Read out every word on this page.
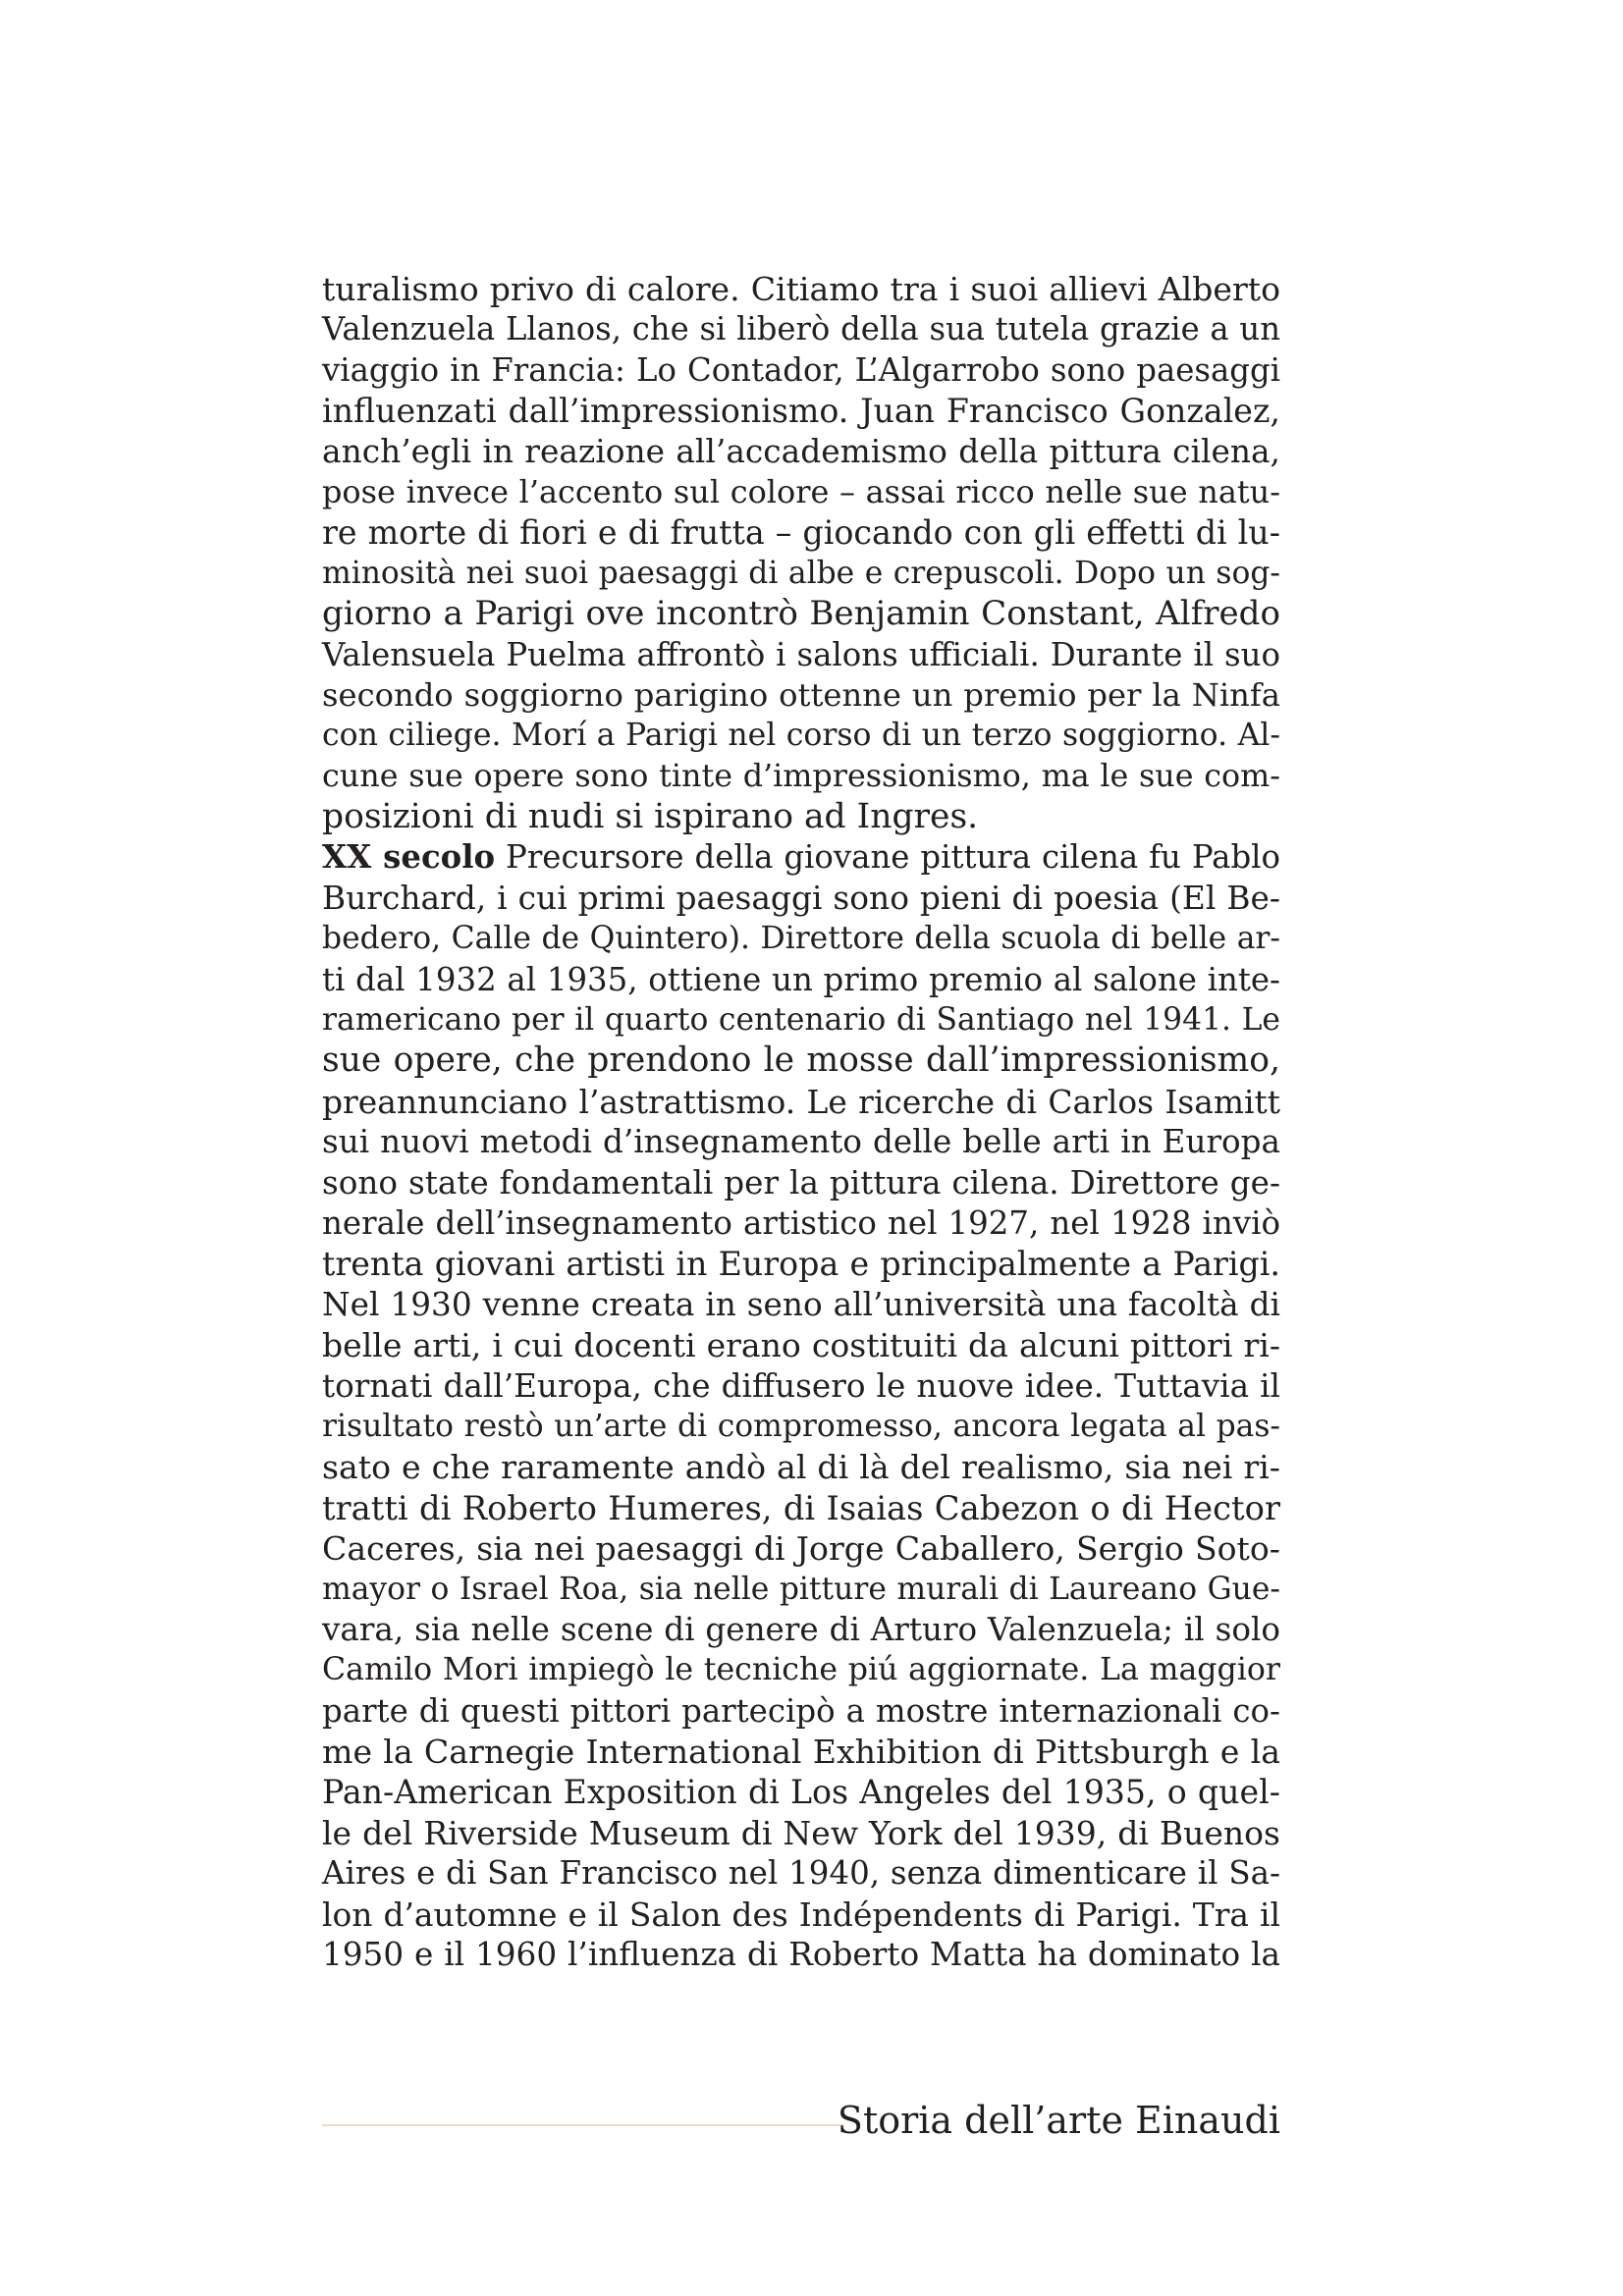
turalismo privo di calore. Citiamo tra i suoi allievi Alberto
Valenzuela Llanos, che si liberò della sua tutela grazie a un
viaggio in Francia: Lo Contador, L’Algarrobo sono paesaggi
influenzati dall’impressionismo. Juan Francisco Gonzalez,
anch’egli in reazione all’accademismo della pittura cilena,
pose invece l’accento sul colore – assai ricco nelle sue natu-
re morte di fiori e di frutta – giocando con gli effetti di lu-
minosità nei suoi paesaggi di albe e crepuscoli. Dopo un sog-
giorno a Parigi ove incontrò Benjamin Constant, Alfredo
Valensuela Puelma affrontò i salons ufficiali. Durante il suo
secondo soggiorno parigino ottenne un premio per la Ninfa
con ciliege. Morí a Parigi nel corso di un terzo soggiorno. Al-
cune sue opere sono tinte d’impressionismo, ma le sue com-
posizioni di nudi si ispirano ad Ingres.
XX secolo Precursore della giovane pittura cilena fu Pablo
Burchard, i cui primi paesaggi sono pieni di poesia (El Be-
bedero, Calle de Quintero). Direttore della scuola di belle ar-
ti dal 1932 al 1935, ottiene un primo premio al salone inte-
ramericano per il quarto centenario di Santiago nel 1941. Le
sue opere, che prendono le mosse dall’impressionismo,
preannunciano l’astrattismo. Le ricerche di Carlos Isamitt
sui nuovi metodi d’insegnamento delle belle arti in Europa
sono state fondamentali per la pittura cilena. Direttore ge-
nerale dell’insegnamento artistico nel 1927, nel 1928 inviò
trenta giovani artisti in Europa e principalmente a Parigi.
Nel 1930 venne creata in seno all’università una facoltà di
belle arti, i cui docenti erano costituiti da alcuni pittori ri-
tornati dall’Europa, che diffusero le nuove idee. Tuttavia il
risultato restò un’arte di compromesso, ancora legata al pas-
sato e che raramente andò al di là del realismo, sia nei ri-
tratti di Roberto Humeres, di Isaias Cabezon o di Hector
Caceres, sia nei paesaggi di Jorge Caballero, Sergio Soto-
mayor o Israel Roa, sia nelle pitture murali di Laureano Gue-
vara, sia nelle scene di genere di Arturo Valenzuela; il solo
Camilo Mori impiegò le tecniche piú aggiornate. La maggior
parte di questi pittori partecipò a mostre internazionali co-
me la Carnegie International Exhibition di Pittsburgh e la
Pan-American Exposition di Los Angeles del 1935, o quel-
le del Riverside Museum di New York del 1939, di Buenos
Aires e di San Francisco nel 1940, senza dimenticare il Sa-
lon d’automne e il Salon des Indépendents di Parigi. Tra il
1950 e il 1960 l’influenza di Roberto Matta ha dominato la
Storia dell’arte Einaudi
